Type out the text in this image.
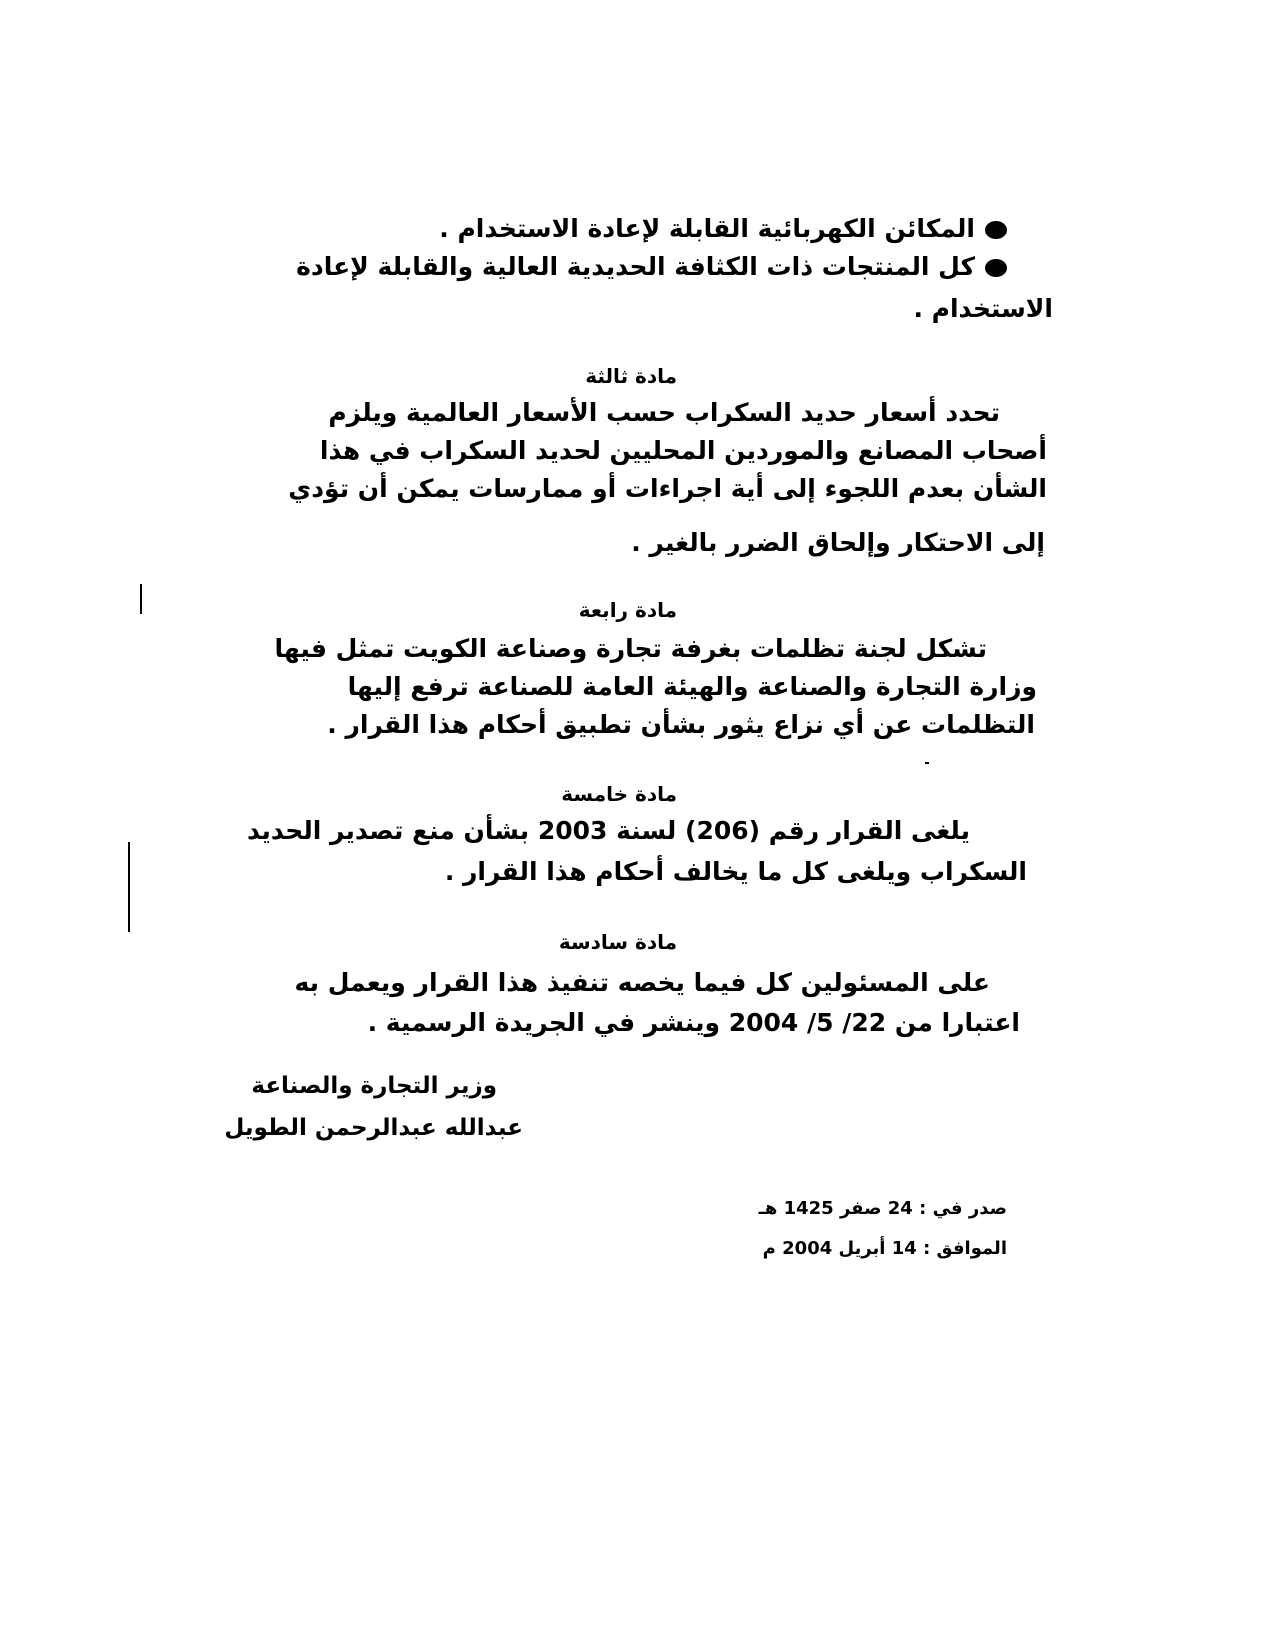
المكائن الكهربائية القابلة لإعادة الاستخدام .
كل المنتجات ذات الكثافة الحديدية العالية والقابلة لإعادة
الاستخدام .
مادة ثالثة
تحدد أسعار حديد السكراب حسب الأسعار العالمية ويلزم
أصحاب المصانع والموردين المحليين لحديد السكراب في هذا
الشأن بعدم اللجوء إلى أية اجراءات أو ممارسات يمكن أن تؤدي
إلى الاحتكار وإلحاق الضرر بالغير .
مادة رابعة
تشكل لجنة تظلمات بغرفة تجارة وصناعة الكويت تمثل فيها
وزارة التجارة والصناعة والهيئة العامة للصناعة ترفع إليها
التظلمات عن أي نزاع يثور بشأن تطبيق أحكام هذا القرار .
مادة خامسة
يلغى القرار رقم (206) لسنة 2003 بشأن منع تصدير الحديد
السكراب ويلغى كل ما يخالف أحكام هذا القرار .
مادة سادسة
على المسئولين كل فيما يخصه تنفيذ هذا القرار ويعمل به
اعتبارا من 22/ 5/ 2004 وينشر في الجريدة الرسمية .
وزير التجارة والصناعة
عبدالله عبدالرحمن الطويل
صدر في : 24 صفر 1425 هـ
الموافق : 14 أبريل 2004 م
